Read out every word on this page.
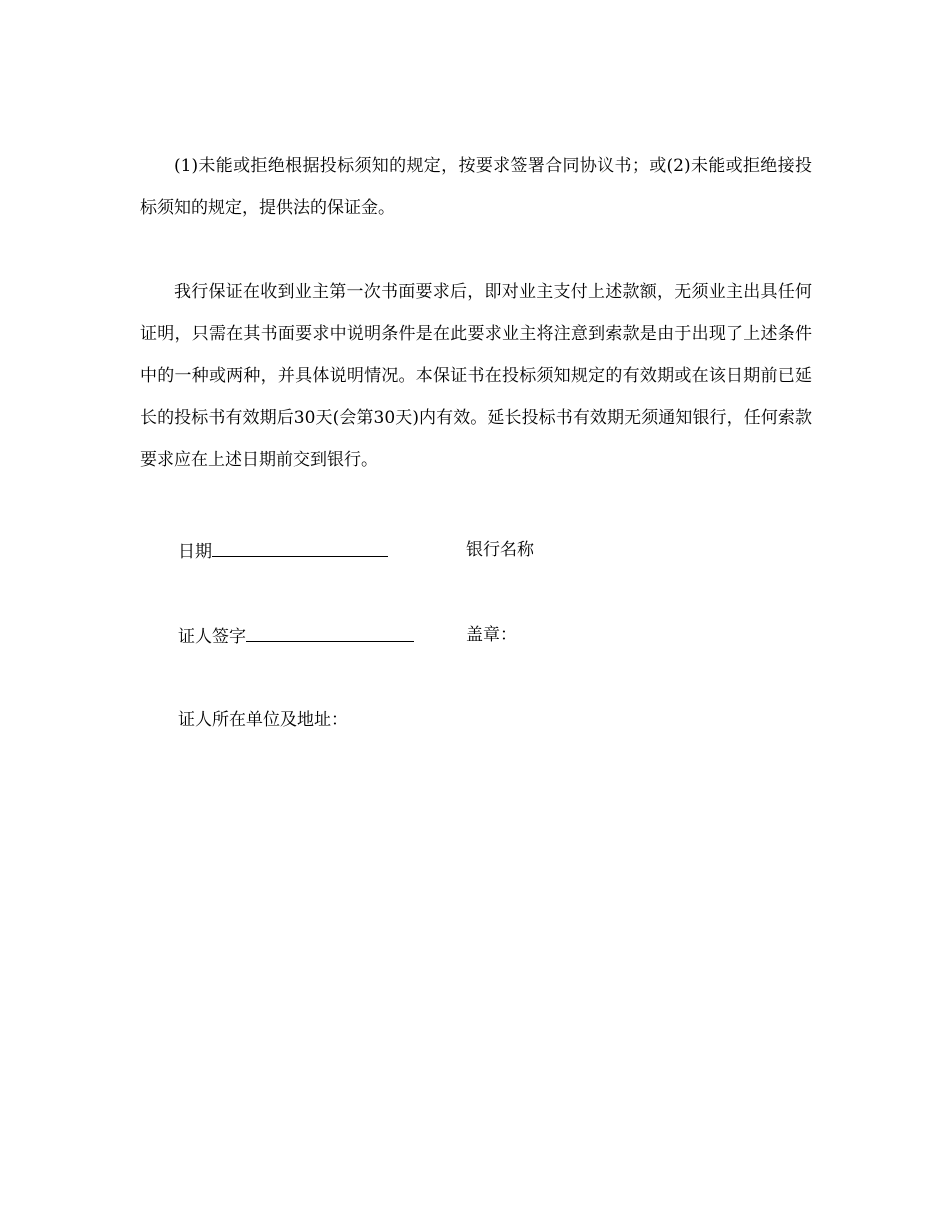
(1)未能或拒绝根据投标须知的规定，按要求签署合同协议书；或(2)未能或拒绝接投标须知的规定，提供法的保证金。

我行保证在收到业主第一次书面要求后，即对业主支付上述款额，无须业主出具任何证明，只需在其书面要求中说明条件是在此要求业主将注意到索款是由于出现了上述条件中的一种或两种，并具体说明情况。本保证书在投标须知规定的有效期或在该日期前已延长的投标书有效期后30天(会第30天)内有效。延长投标书有效期无须通知银行，任何索款要求应在上述日期前交到银行。

日期	银行名称
证人签字	盖章：
证人所在单位及地址：
